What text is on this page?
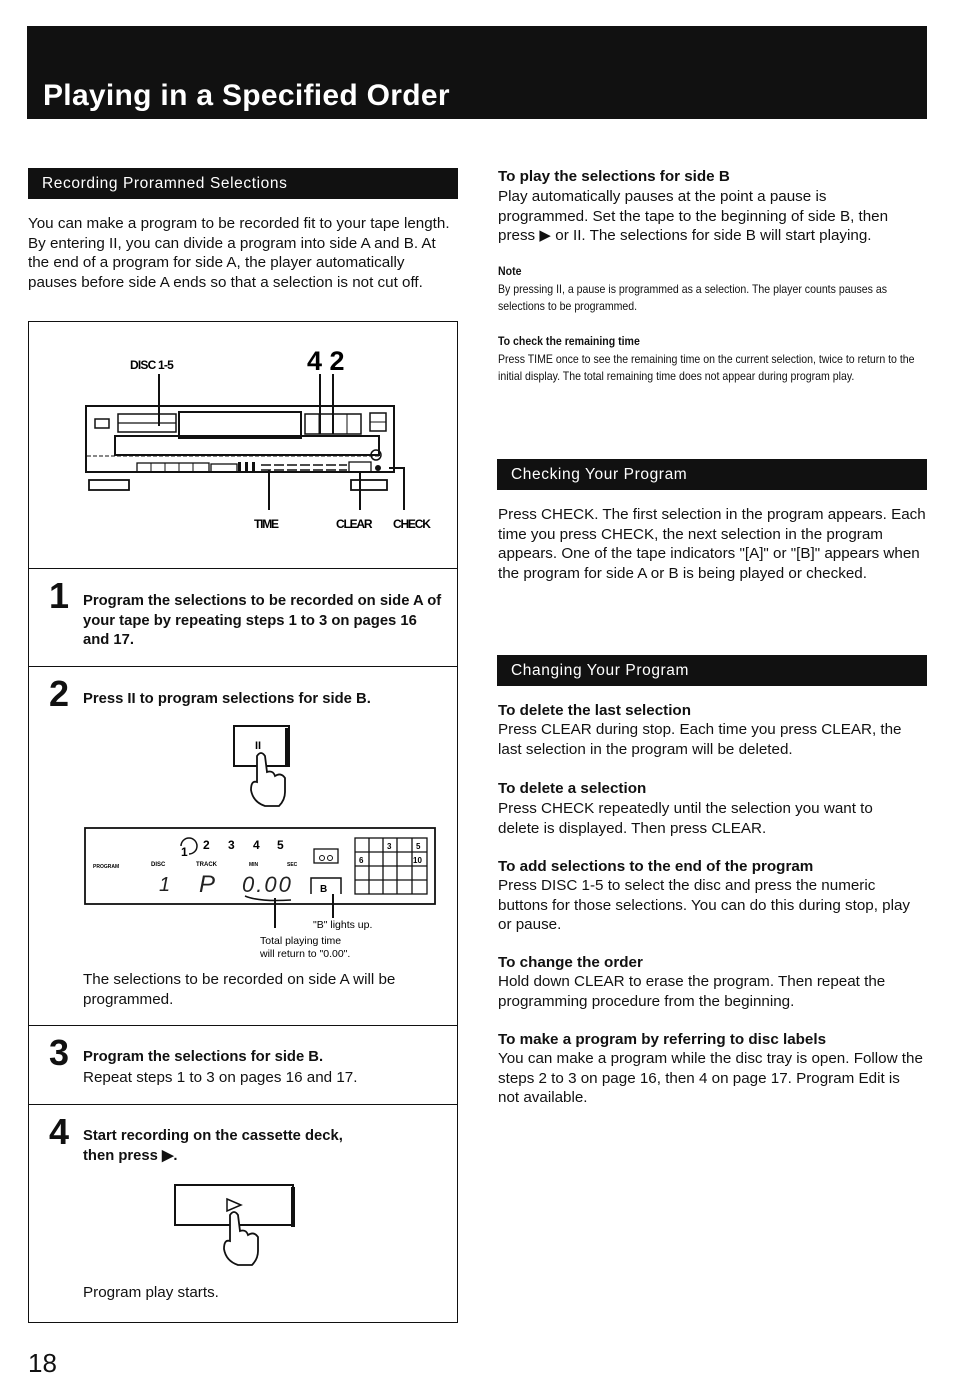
Playing in a Specified Order
Recording Proramned Selections
You can make a program to be recorded fit to your tape length. By entering II, you can divide a program into side A and B. At the end of a program for side A, the player automatically pauses before side A ends so that a selection is not cut off.
DISC 1-5	4 2
TIME	CLEAR CHECK
1 Program the selections to be recorded on side A of your tape by repeating steps 1 to 3 on pages 16 and 17.
2 Press II to program selections for side B.
II
1 2 3 4 5
PROGRAM	DISC	TRACK	MIN	SEC
1 P 0.00	B
3	5
6	10
"B" lights up.
Total playing time
will return to "0.00".
The selections to be recorded on side A will be programmed.
3 Program the selections for side B.
Repeat steps 1 to 3 on pages 16 and 17.
4 Start recording on the cassette deck,
then press ▶.
Program play starts.
18
To play the selections for side B
Play automatically pauses at the point a pause is programmed. Set the tape to the beginning of side B, then press ▶ or II. The selections for side B will start playing.
Note
By pressing II, a pause is programmed as a selection. The player counts pauses as selections to be programmed.
To check the remaining time
Press TIME once to see the remaining time on the current selection, twice to return to the initial display. The total remaining time does not appear during program play.
Checking Your Program
Press CHECK. The first selection in the program appears. Each time you press CHECK, the next selection in the program appears. One of the tape indicators "[A]" or "[B]" appears when the program for side A or B is being played or checked.
Changing Your Program
To delete the last selection
Press CLEAR during stop. Each time you press CLEAR, the last selection in the program will be deleted.
To delete a selection
Press CHECK repeatedly until the selection you want to delete is displayed. Then press CLEAR.
To add selections to the end of the program
Press DISC 1-5 to select the disc and press the numeric buttons for those selections. You can do this during stop, play or pause.
To change the order
Hold down CLEAR to erase the program. Then repeat the programming procedure from the beginning.
To make a program by referring to disc labels
You can make a program while the disc tray is open. Follow the steps 2 to 3 on page 16, then 4 on page 17. Program Edit is not available.
